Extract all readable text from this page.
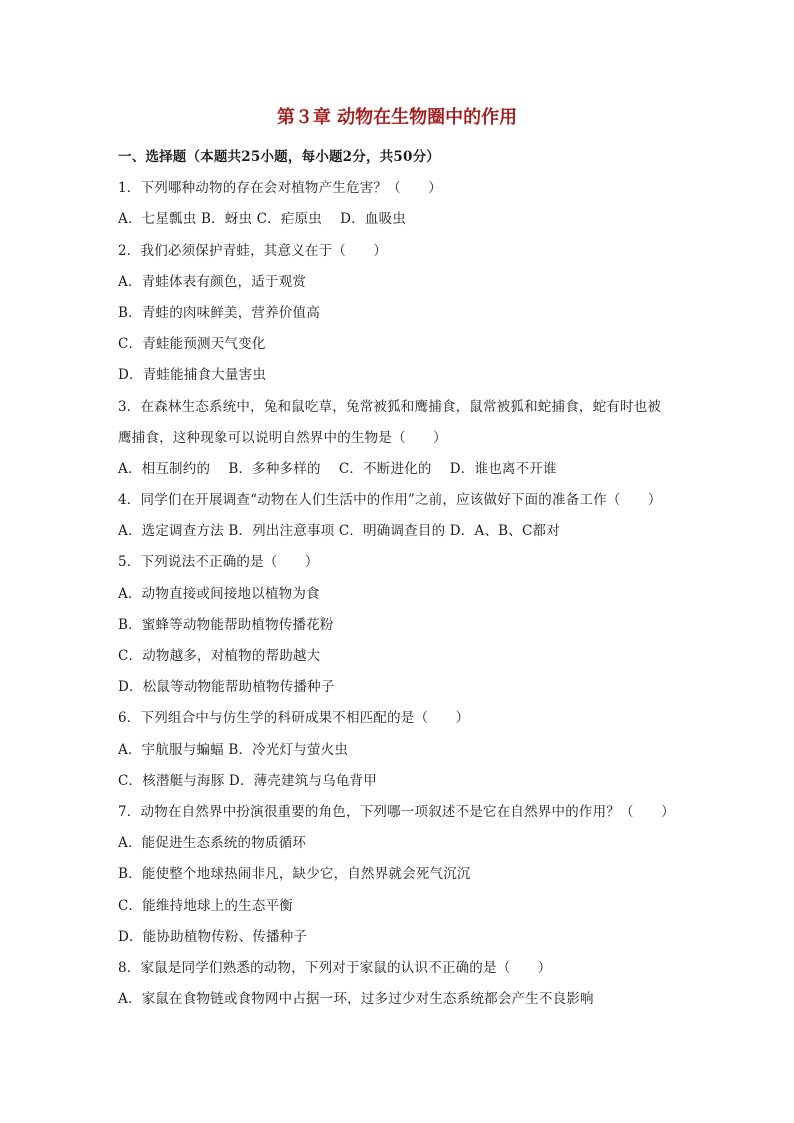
第３章 动物在生物圈中的作用
一、选择题（本题共25小题，每小题2分，共50分）
1．下列哪种动物的存在会对植物产生危害？（　　）
A．七星瓢虫 B．蚜虫 C．疟原虫　 D．血吸虫
2．我们必须保护青蛙，其意义在于（　　）
A．青蛙体表有颜色，适于观赏
B．青蛙的肉味鲜美，营养价值高
C．青蛙能预测天气变化
D．青蛙能捕食大量害虫
3．在森林生态系统中，兔和鼠吃草，兔常被狐和鹰捕食，鼠常被狐和蛇捕食，蛇有时也被
鹰捕食，这种现象可以说明自然界中的生物是（　　）
A．相互制约的　 B．多种多样的　 C．不断进化的　 D．谁也离不开谁
4．同学们在开展调查“动物在人们生活中的作用”之前，应该做好下面的准备工作（　　）
A．选定调查方法 B．列出注意事项 C．明确调查目的 D．A、B、C都对
5．下列说法不正确的是（　　）
A．动物直接或间接地以植物为食
B．蜜蜂等动物能帮助植物传播花粉
C．动物越多，对植物的帮助越大
D．松鼠等动物能帮助植物传播种子
6．下列组合中与仿生学的科研成果不相匹配的是（　　）
A．宇航服与蝙蝠 B．冷光灯与萤火虫
C．核潜艇与海豚 D．薄壳建筑与乌龟背甲
7．动物在自然界中扮演很重要的角色，下列哪一项叙述不是它在自然界中的作用？（　　）
A．能促进生态系统的物质循环
B．能使整个地球热闹非凡，缺少它，自然界就会死气沉沉
C．能维持地球上的生态平衡
D．能协助植物传粉、传播种子
8．家鼠是同学们熟悉的动物，下列对于家鼠的认识不正确的是（　　）
A．家鼠在食物链或食物网中占据一环，过多过少对生态系统都会产生不良影响
